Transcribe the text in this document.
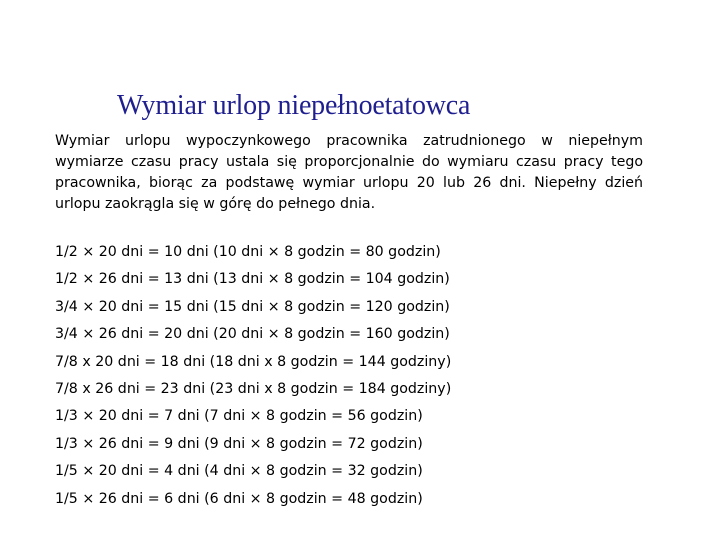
Wymiar urlop niepełnoetatowca
Wymiar urlopu wypoczynkowego pracownika zatrudnionego w niepełnym wymiarze czasu pracy ustala się proporcjonalnie do wymiaru czasu pracy tego pracownika, biorąc za podstawę wymiar urlopu 20 lub 26 dni. Niepełny dzień urlopu zaokrągla się w górę do pełnego dnia.
1/2 × 20 dni = 10 dni (10 dni × 8 godzin = 80 godzin)
1/2 × 26 dni = 13 dni (13 dni × 8 godzin = 104 godzin)
3/4 × 20 dni = 15 dni (15 dni × 8 godzin = 120 godzin)
3/4 × 26 dni = 20 dni (20 dni × 8 godzin = 160 godzin)
7/8 x 20 dni = 18 dni (18 dni x 8 godzin = 144 godziny)
7/8 x 26 dni = 23 dni (23 dni x 8 godzin = 184 godziny)
1/3 × 20 dni = 7 dni (7 dni × 8 godzin = 56 godzin)
1/3 × 26 dni = 9 dni (9 dni × 8 godzin = 72 godzin)
1/5 × 20 dni = 4 dni (4 dni × 8 godzin = 32 godzin)
1/5 × 26 dni = 6 dni (6 dni × 8 godzin = 48 godzin)
